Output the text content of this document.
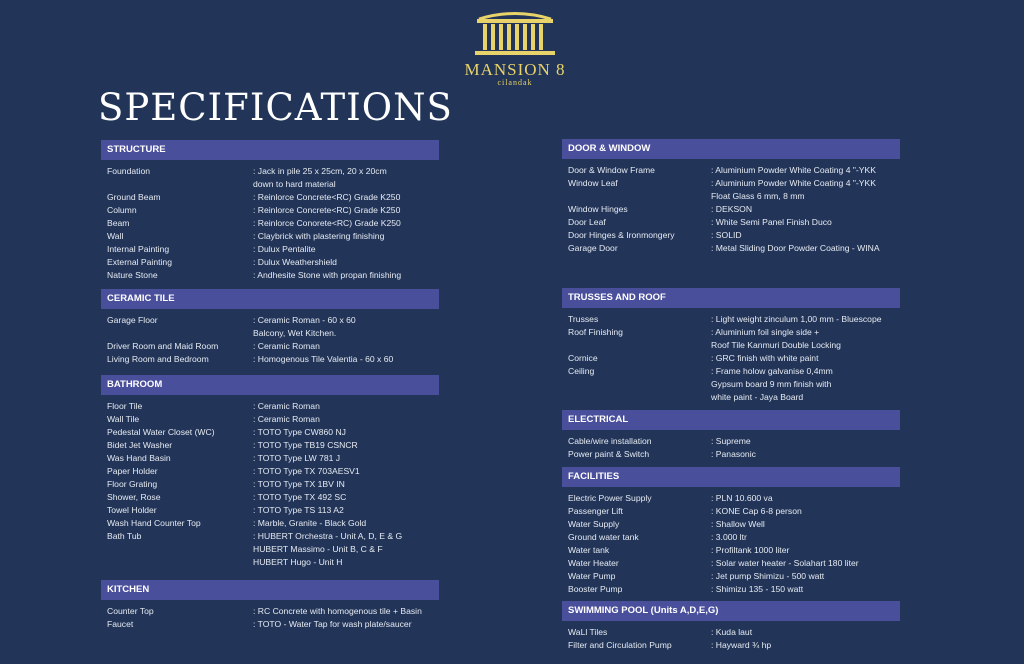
MANSION 8
cilandak
SPECIFICATIONS
STRUCTURE
Foundation	: Jack in pile 25 x 25cm, 20 x 20cm
down to hard material
Ground Beam	: Reinlorce Concrete<RC) Grade K250
Column	: Reinlorce Concrete<RC) Grade K250
Beam	: Reinlorce Conorete<RC) Grade K250
Wall	: Claybrick with plastering finishing
Internal Painting	: Dulux Pentalite
External Painting	: Dulux Weathershield
Nature Stone	: Andhesite Stone with propan finishing
CERAMIC TILE
Garage Floor	: Ceramic Roman - 60 x 60
Balcony, Wet Kitchen.
Driver Room and Maid Room	: Ceramic Roman
Living Room and Bedroom	: Homogenous Tile Valentia - 60 x 60
BATHROOM
Floor Tile	: Ceramic Roman
Wall Tile	: Ceramic Roman
Pedestal Water Closet (WC)	: TOTO Type CW860 NJ
Bidet Jet Washer	: TOTO Type TB19 CSNCR
Was Hand Basin	: TOTO Type LW 781 J
Paper Holder	: TOTO Type TX 703AESV1
Floor Grating	: TOTO Type TX 1BV IN
Shower, Rose	: TOTO Type TX 492 SC
Towel Holder	: TOTO Type TS 113 A2
Wash Hand Counter Top	: Marble, Granite - Black Gold
Bath Tub	: HUBERT Orchestra - Unit A, D, E & G
HUBERT Massimo - Unit B, C & F
HUBERT Hugo - Unit H
KITCHEN
Counter Top	: RC Concrete with homogenous tile + Basin
Faucet	: TOTO - Water Tap for wash plate/saucer
DOOR & WINDOW
Door & Window Frame	: Aluminium Powder White Coating 4 "-YKK
Window Leaf	: Aluminium Powder White Coating 4 "-YKK
Float Glass 6 mm, 8 mm
Window Hinges	: DEKSON
Door Leaf	: White Semi Panel Finish Duco
Door Hinges & Ironmongery	: SOLID
Garage Door	: Metal Sliding Door Powder Coating - WINA
TRUSSES AND ROOF
Trusses	: Light weight zinculum 1,00 mm - Bluescope
Roof Finishing	: Aluminium foil single side +
Roof Tile Kanmuri Double Locking
Cornice	: GRC finish with white paint
Ceiling	: Frame holow galvanise 0,4mm
Gypsum board 9 mm finish with
white paint - Jaya Board
ELECTRICAL
Cable/wire installation	: Supreme
Power paint & Switch	: Panasonic
FACILITIES
Electric Power Supply	: PLN 10.600 va
Passenger Lift	: KONE Cap 6-8 person
Water Supply	: Shallow Well
Ground water tank	: 3.000 ltr
Water tank	: Profiltank 1000 liter
Water Heater	: Solar water heater - Solahart 180 liter
Water Pump	: Jet pump Shimizu - 500 watt
Booster Pump	: Shimizu 135 - 150 watt
SWIMMING POOL (Units A,D,E,G)
WaLl Tiles	: Kuda laut
Filter and Circulation Pump	: Hayward ¾ hp
